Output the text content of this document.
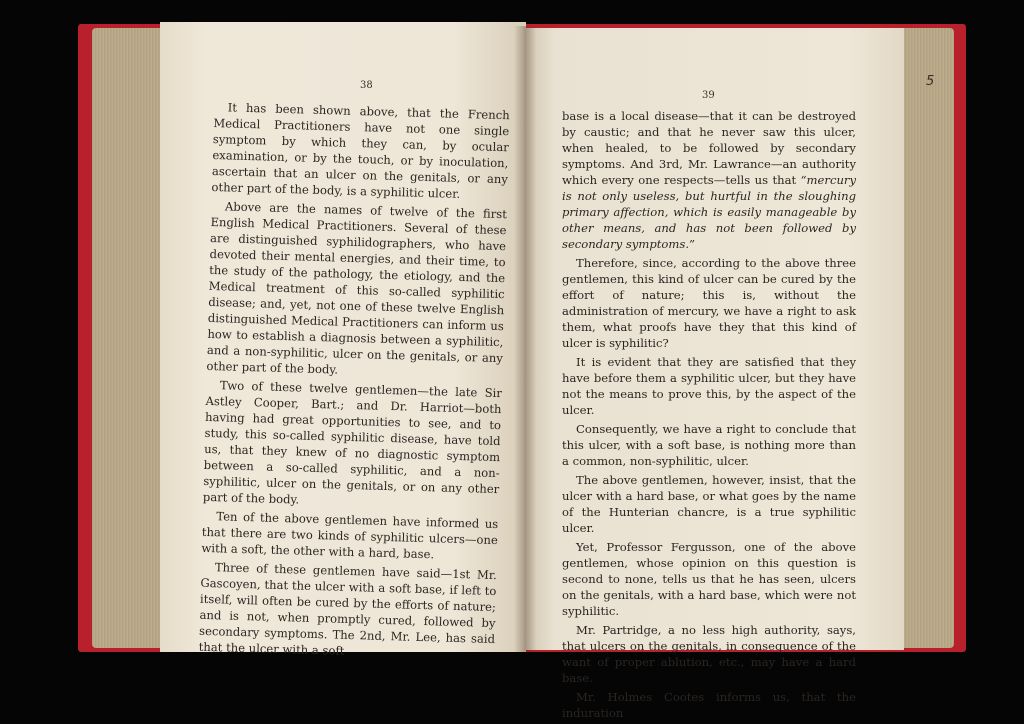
38

It has been shown above, that the French Medical Practitioners have not one single symptom by which they can, by ocular examination, or by the touch, or by inoculation, ascertain that an ulcer on the genitals, or any other part of the body, is a syphilitic ulcer.

Above are the names of twelve of the first English Medical Practitioners. Several of these are distinguished syphilidographers, who have devoted their mental energies, and their time, to the study of the pathology, the etiology, and the Medical treatment of this so-called syphilitic disease; and, yet, not one of these twelve English distinguished Medical Practitioners can inform us how to establish a diagnosis between a syphilitic, and a non-syphilitic, ulcer on the genitals, or any other part of the body.

Two of these twelve gentlemen—the late Sir Astley Cooper, Bart.; and Dr. Harriot—both having had great opportunities to see, and to study, this so-called syphilitic disease, have told us, that they knew of no diagnostic symptom between a so-called syphilitic, and a non-syphilitic, ulcer on the genitals, or on any other part of the body.

Ten of the above gentlemen have informed us that there are two kinds of syphilitic ulcers—one with a soft, the other with a hard, base.

Three of these gentlemen have said—1st Mr. Gascoyen, that the ulcer with a soft base, if left to itself, will often be cured by the efforts of nature; and is not, when promptly cured, followed by secondary symptoms. The 2nd, Mr. Lee, has said that the ulcer with a soft

39

base is a local disease—that it can be destroyed by caustic; and that he never saw this ulcer, when healed, to be followed by secondary symptoms. And 3rd, Mr. Lawrance—an authority which every one respects—tells us that “mercury is not only useless, but hurtful in the sloughing primary affection, which is easily manageable by other means, and has not been followed by secondary symptoms.”

Therefore, since, according to the above three gentlemen, this kind of ulcer can be cured by the effort of nature; this is, without the administration of mercury, we have a right to ask them, what proofs have they that this kind of ulcer is syphilitic?

It is evident that they are satisfied that they have before them a syphilitic ulcer, but they have not the means to prove this, by the aspect of the ulcer.

Consequently, we have a right to conclude that this ulcer, with a soft base, is nothing more than a common, non-syphilitic, ulcer.

The above gentlemen, however, insist, that the ulcer with a hard base, or what goes by the name of the Hunterian chancre, is a true syphilitic ulcer.

Yet, Professor Fergusson, one of the above gentlemen, whose opinion on this question is second to none, tells us that he has seen, ulcers on the genitals, with a hard base, which were not syphilitic.

Mr. Partridge, a no less high authority, says, that ulcers on the genitals, in consequence of the want of proper ablution, etc., may have a hard base.

Mr. Holmes Cootes informs us, that the induration

5
